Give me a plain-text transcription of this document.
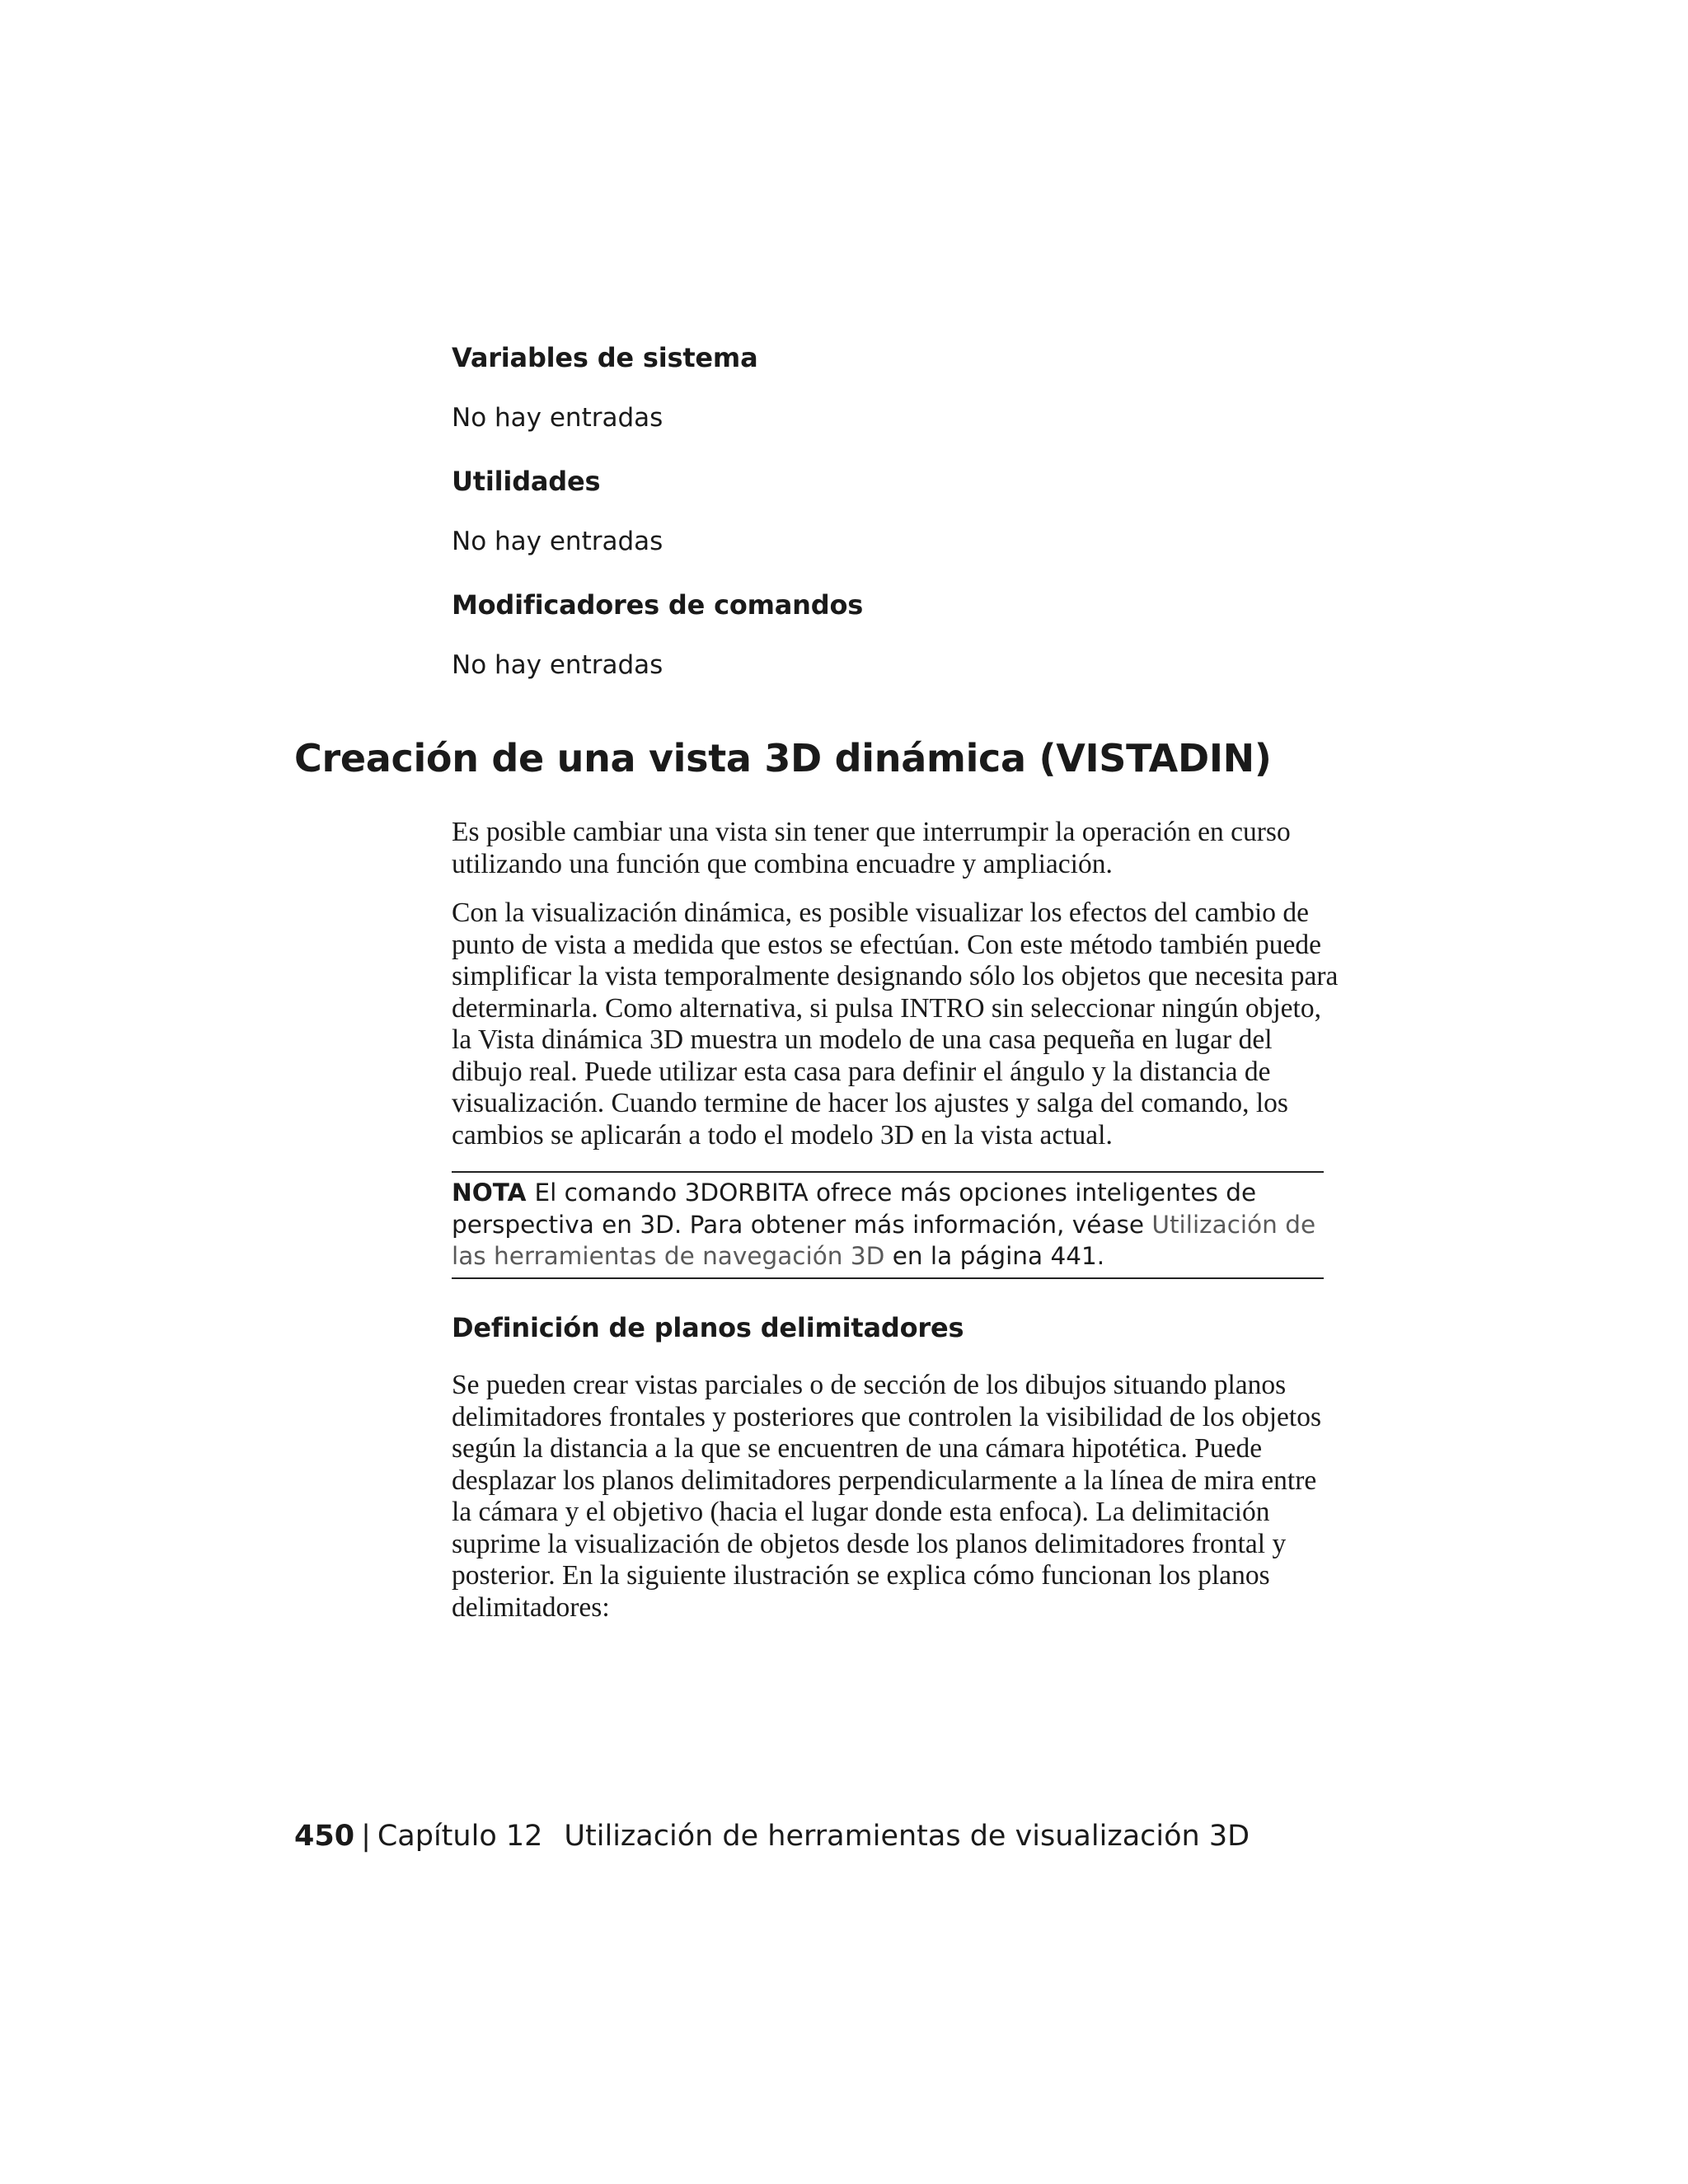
Variables de sistema
No hay entradas
Utilidades
No hay entradas
Modificadores de comandos
No hay entradas
Creación de una vista 3D dinámica (VISTADIN)

Es posible cambiar una vista sin tener que interrumpir la operación en curso utilizando una función que combina encuadre y ampliación.

Con la visualización dinámica, es posible visualizar los efectos del cambio de punto de vista a medida que estos se efectúan. Con este método también puede simplificar la vista temporalmente designando sólo los objetos que necesita para determinarla. Como alternativa, si pulsa INTRO sin seleccionar ningún objeto, la Vista dinámica 3D muestra un modelo de una casa pequeña en lugar del dibujo real. Puede utilizar esta casa para definir el ángulo y la distancia de visualización. Cuando termine de hacer los ajustes y salga del comando, los cambios se aplicarán a todo el modelo 3D en la vista actual.

NOTA El comando 3DORBITA ofrece más opciones inteligentes de perspectiva en 3D. Para obtener más información, véase Utilización de las herramientas de navegación 3D en la página 441.

Definición de planos delimitadores

Se pueden crear vistas parciales o de sección de los dibujos situando planos delimitadores frontales y posteriores que controlen la visibilidad de los objetos según la distancia a la que se encuentren de una cámara hipotética. Puede desplazar los planos delimitadores perpendicularmente a la línea de mira entre la cámara y el objetivo (hacia el lugar donde esta enfoca). La delimitación suprime la visualización de objetos desde los planos delimitadores frontal y posterior. En la siguiente ilustración se explica cómo funcionan los planos delimitadores:

450 | Capítulo 12 Utilización de herramientas de visualización 3D
